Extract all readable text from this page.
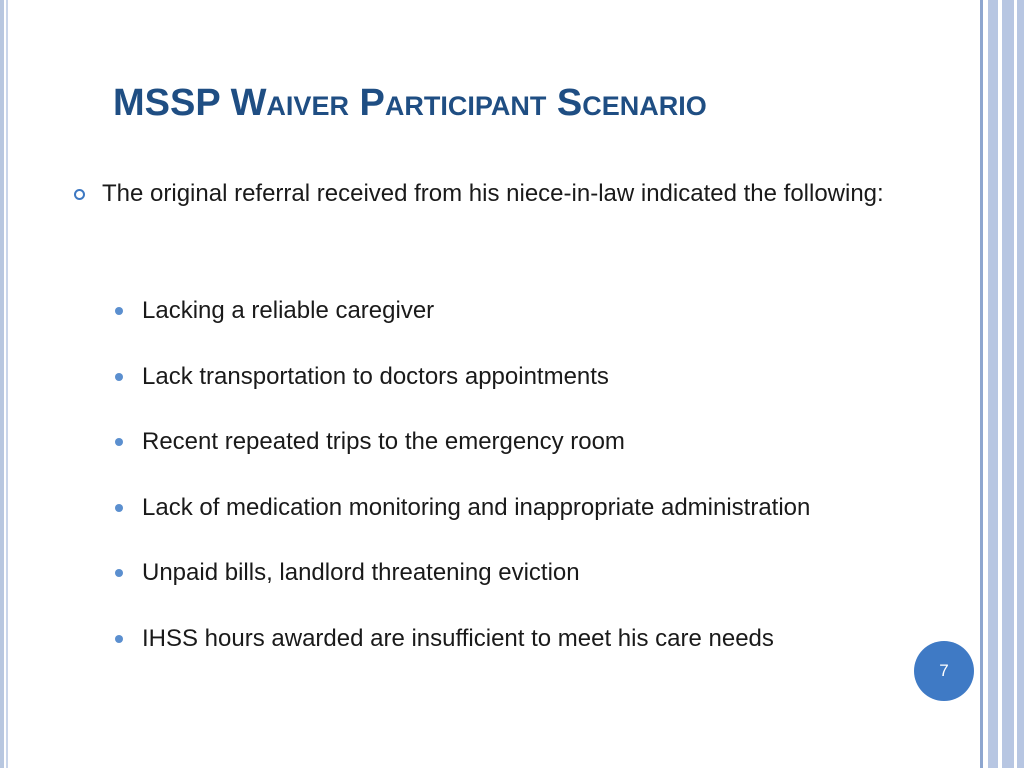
MSSP Waiver Participant Scenario

The original referral received from his niece-in-law indicated the following:

Lacking a reliable caregiver
Lack transportation to doctors appointments
Recent repeated trips to the emergency room
Lack of medication monitoring and inappropriate administration
Unpaid bills, landlord threatening eviction
IHSS hours awarded are insufficient to meet his care needs
7
